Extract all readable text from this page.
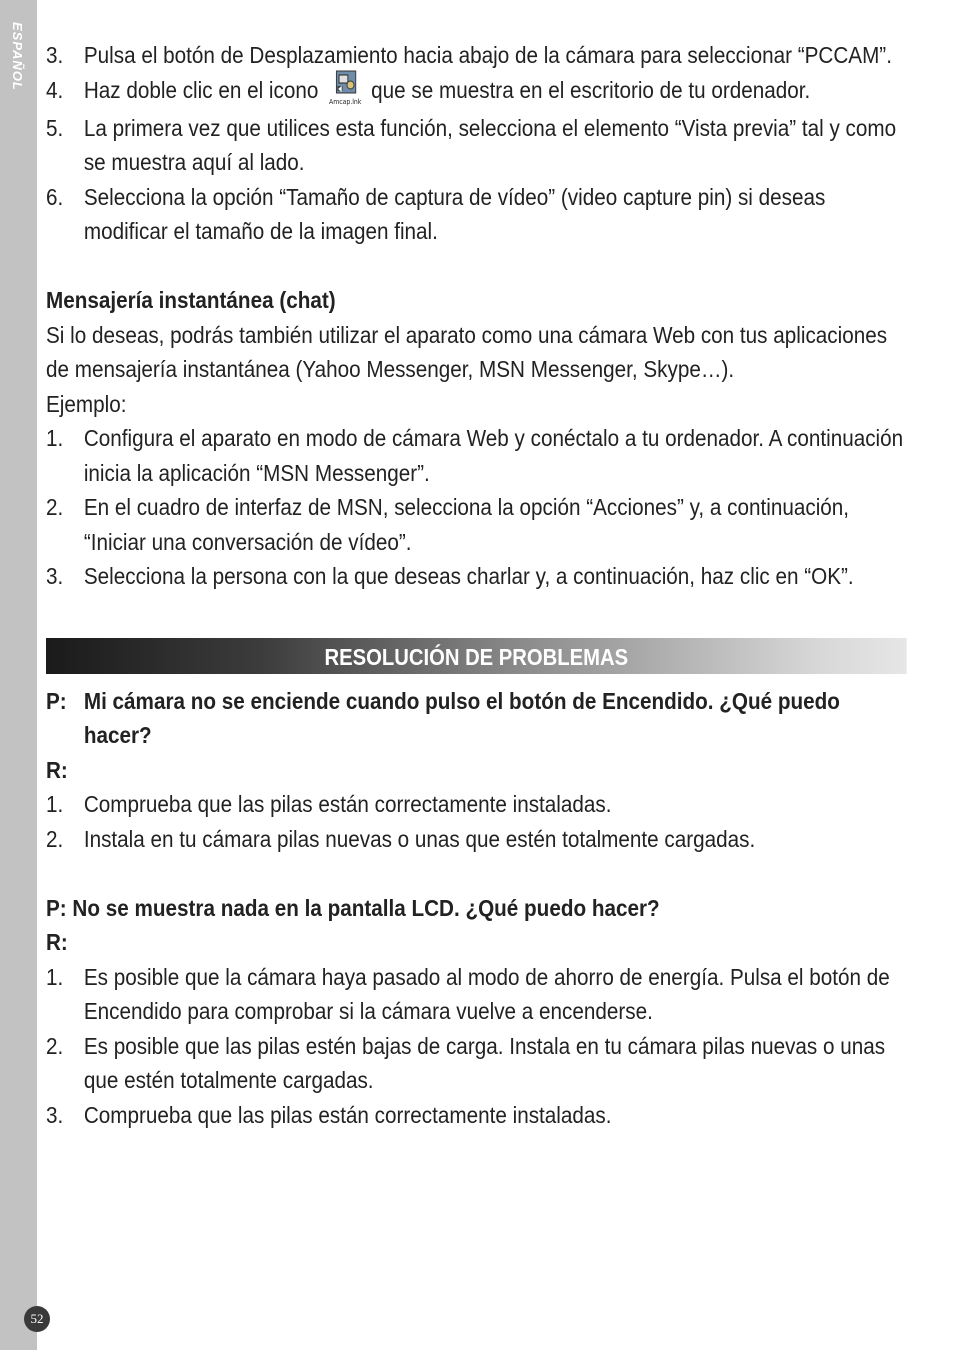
ESPAÑOL
52
3. Pulsa el botón de Desplazamiento hacia abajo de la cámara para seleccionar “PCCAM”.
4. Haz doble clic en el icono Amcap.lnk que se muestra en el escritorio de tu ordenador.
5. La primera vez que utilices esta función, selecciona el elemento “Vista previa” tal y como se muestra aquí al lado.
6. Selecciona la opción “Tamaño de captura de vídeo” (video capture pin) si deseas modificar el tamaño de la imagen final.

Mensajería instantánea (chat)

Si lo deseas, podrás también utilizar el aparato como una cámara Web con tus aplicaciones de mensajería instantánea (Yahoo Messenger, MSN Messenger, Skype…).

Ejemplo:

1. Configura el aparato en modo de cámara Web y conéctalo a tu ordenador. A continuación inicia la aplicación “MSN Messenger”.
2. En el cuadro de interfaz de MSN, selecciona la opción “Acciones” y, a continuación, “Iniciar una conversación de vídeo”.
3. Selecciona la persona con la que deseas charlar y, a continuación, haz clic en “OK”.
RESOLUCIÓN DE PROBLEMAS
P: Mi cámara no se enciende cuando pulso el botón de Encendido. ¿Qué puedo hacer?

R:

1. Comprueba que las pilas están correctamente instaladas.
2. Instala en tu cámara pilas nuevas o unas que estén totalmente cargadas.

P: No se muestra nada en la pantalla LCD. ¿Qué puedo hacer?

R:

1. Es posible que la cámara haya pasado al modo de ahorro de energía. Pulsa el botón de Encendido para comprobar si la cámara vuelve a encenderse.
2. Es posible que las pilas estén bajas de carga. Instala en tu cámara pilas nuevas o unas que estén totalmente cargadas.
3. Comprueba que las pilas están correctamente instaladas.
